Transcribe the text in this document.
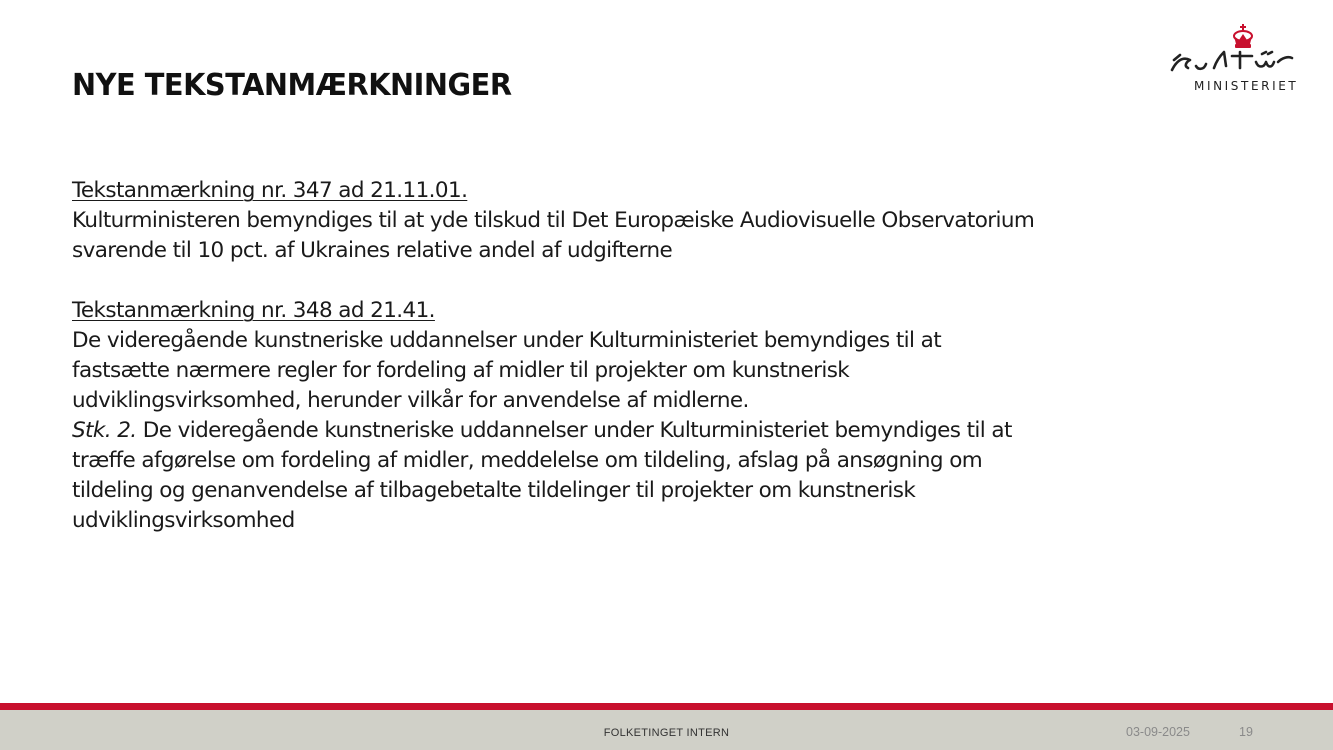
NYE TEKSTANMÆRKNINGER	MINISTERIET
Tekstanmærkning nr. 347 ad 21.11.01.
Kulturministeren bemyndiges til at yde tilskud til Det Europæiske Audiovisuelle Observatorium
svarende til 10 pct. af Ukraines relative andel af udgifterne
Tekstanmærkning nr. 348 ad 21.41.
De videregående kunstneriske uddannelser under Kulturministeriet bemyndiges til at
fastsætte nærmere regler for fordeling af midler til projekter om kunstnerisk
udviklingsvirksomhed, herunder vilkår for anvendelse af midlerne.
Stk. 2. De videregående kunstneriske uddannelser under Kulturministeriet bemyndiges til at
træffe afgørelse om fordeling af midler, meddelelse om tildeling, afslag på ansøgning om
tildeling og genanvendelse af tilbagebetalte tildelinger til projekter om kunstnerisk
udviklingsvirksomhed
FOLKETINGET INTERN	03-09-2025	19
